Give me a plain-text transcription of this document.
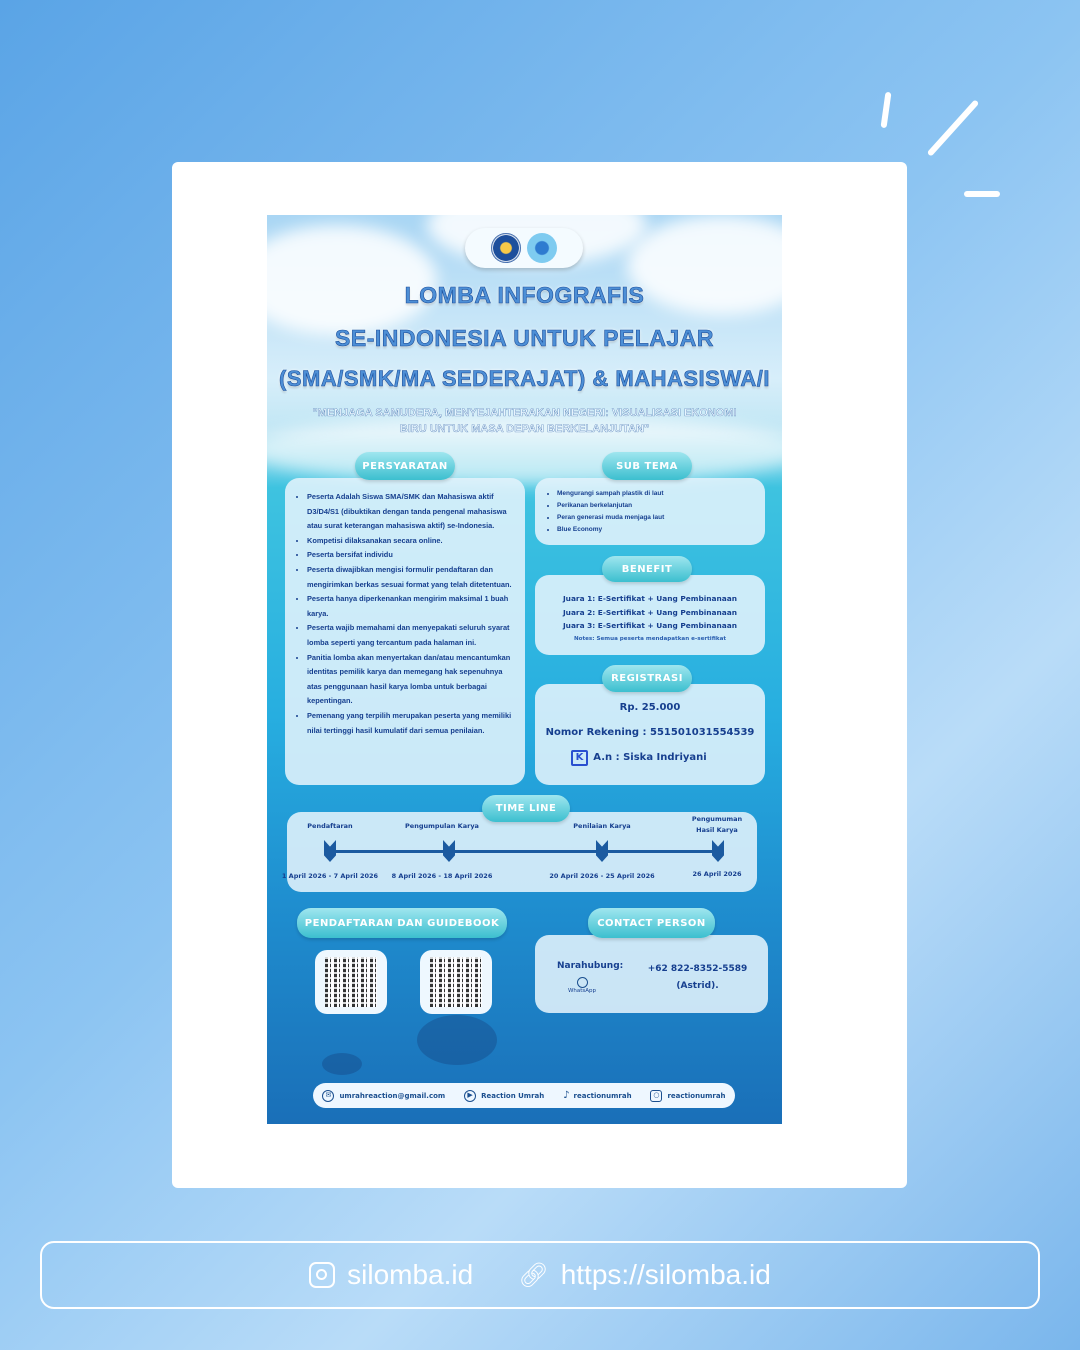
LOMBA INFOGRAFIS
SE-INDONESIA UNTUK PELAJAR
(SMA/SMK/MA SEDERAJAT) & MAHASISWA/I
"MENJAGA SAMUDERA, MENYEJAHTERAKAN NEGERI: VISUALISASI EKONOMI
BIRU UNTUK MASA DEPAN BERKELANJUTAN"
PERSYARATAN
• Peserta Adalah Siswa SMA/SMK dan Mahasiswa aktif D3/D4/S1 (dibuktikan dengan tanda pengenal mahasiswa atau surat keterangan mahasiswa aktif) se-Indonesia.
• Kompetisi dilaksanakan secara online.
• Peserta bersifat individu
• Peserta diwajibkan mengisi formulir pendaftaran dan mengirimkan berkas sesuai format yang telah ditetentuan.
• Peserta hanya diperkenankan mengirim maksimal 1 buah karya.
• Peserta wajib memahami dan menyepakati seluruh syarat lomba seperti yang tercantum pada halaman ini.
• Panitia lomba akan menyertakan dan/atau mencantumkan identitas pemilik karya dan memegang hak sepenuhnya atas penggunaan hasil karya lomba untuk berbagai kepentingan.
• Pemenang yang terpilih merupakan peserta yang memiliki nilai tertinggi hasil kumulatif dari semua penilaian.
SUB TEMA
• Mengurangi sampah plastik di laut
• Perikanan berkelanjutan
• Peran generasi muda menjaga laut
• Blue Economy
BENEFIT
Juara 1: E-Sertifikat + Uang Pembinanaan
Juara 2: E-Sertifikat + Uang Pembinanaan
Juara 3: E-Sertifikat + Uang Pembinanaan
Notes: Semua peserta mendapatkan e-sertifikat
REGISTRASI
Rp. 25.000
Nomor Rekening : 551501031554539
K A.n : Siska Indriyani
TIME LINE
Pendaftaran
1 April 2026 - 7 April 2026
Pengumpulan Karya
8 April 2026 - 18 April 2026
Penilaian Karya
20 April 2026 - 25 April 2026
Pengumuman Hasil Karya
26 April 2026
PENDAFTARAN DAN GUIDEBOOK	CONTACT PERSON
Narahubung:
WhatsApp
+62 822-8352-5589
(Astrid).
✉ umrahreaction@gmail.com	▶ Reaction Umrah ♪ reactionumrah	○ reactionumrah
silomba.id 🔗︎ https://silomba.id
